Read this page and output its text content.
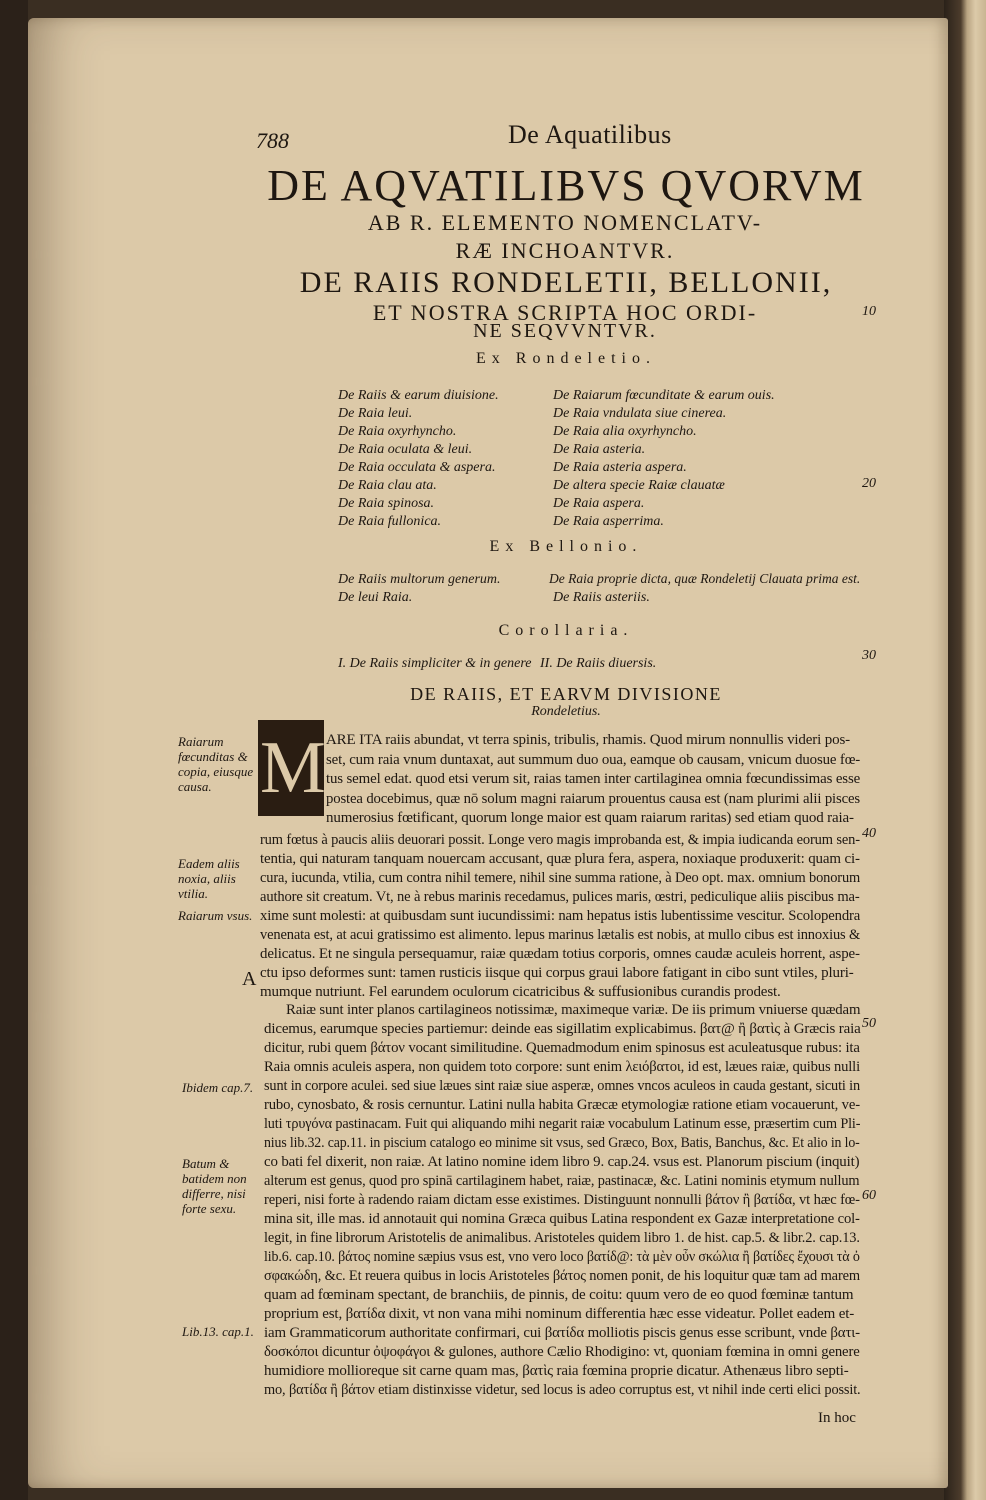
788	De Aquatilibus
DE AQVATILIBVS QVORVM
AB R. ELEMENTO NOMENCLATV-
RÆ INCHOANTVR.
DE RAIIS RONDELETII, BELLONII,
ET NOSTRA SCRIPTA HOC ORDI-
NE SEQVVNTVR.
Ex Rondeletio.
De Raiis & earum diuisione.
De Raia leui.
De Raia oxyrhyncho.
De Raia oculata & leui.
De Raia occulata & aspera.
De Raia clau ata.
De Raia spinosa.
De Raia fullonica.
De Raiarum fœcunditate & earum ouis.
De Raia vndulata siue cinerea.
De Raia alia oxyrhyncho.
De Raia asteria.
De Raia asteria aspera.
De altera specie Raiæ clauatæ
De Raia aspera.
De Raia asperrima.
Ex Bellonio.
De Raiis multorum generum.
De leui Raia.
De Raia proprie dicta, quæ Rondeletij Clauata prima est.
De Raiis asteriis.
Corollaria.
I. De Raiis simpliciter & in genere II. De Raiis diuersis.
DE RAIIS, ET EARVM DIVISIONE
Rondeletius.
10
20
30
40
50
60
Raiarum fœcunditas & copia, eiusque causa.
Eadem aliis noxia, aliis vtilia.
Raiarum vsus.
A
Ibidem cap.7.
Batum & batidem non differre, nisi forte sexu.
Lib.13. cap.1.
M ARE ITA raiis abundat, vt terra spinis, tribulis, rhamis. Quod mirum nonnullis videri pos-
set, cum raia vnum duntaxat, aut summum duo oua, eamque ob causam, vnicum duosue fœ-
tus semel edat. quod etsi verum sit, raias tamen inter cartilaginea omnia fœcundissimas esse
postea docebimus, quæ nō solum magni raiarum prouentus causa est (nam plurimi alii pisces
numerosius fœtificant, quorum longe maior est quam raiarum raritas) sed etiam quod raia-
rum fœtus à paucis aliis deuorari possit. Longe vero magis improbanda est, & impia iudicanda eorum sen-
tentia, qui naturam tanquam nouercam accusant, quæ plura fera, aspera, noxiaque produxerit: quam ci-
cura, iucunda, vtilia, cum contra nihil temere, nihil sine summa ratione, à Deo opt. max. omnium bonorum
authore sit creatum. Vt, ne à rebus marinis recedamus, pulices maris, œstri, pediculique aliis piscibus ma-
xime sunt molesti: at quibusdam sunt iucundissimi: nam hepatus istis lubentissime vescitur. Scolopendra
venenata est, at acui gratissimo est alimento. lepus marinus lætalis est nobis, at mullo cibus est innoxius &
delicatus. Et ne singula persequamur, raiæ quædam totius corporis, omnes caudæ aculeis horrent, aspe-
ctu ipso deformes sunt: tamen rusticis iisque qui corpus graui labore fatigant in cibo sunt vtiles, pluri-
mumque nutriunt. Fel earundem oculorum cicatricibus & suffusionibus curandis prodest.
Raiæ sunt inter planos cartilagineos notissimæ, maximeque variæ. De iis primum vniuerse quædam
dicemus, earumque species partiemur: deinde eas sigillatim explicabimus. βατ@ ἢ βατὶς à Græcis raia
dicitur, rubi quem βάτον vocant similitudine. Quemadmodum enim spinosus est aculeatusque rubus: ita
Raia omnis aculeis aspera, non quidem toto corpore: sunt enim λειόβατοι, id est, læues raiæ, quibus nulli
sunt in corpore aculei. sed siue læues sint raiæ siue asperæ, omnes vncos aculeos in cauda gestant, sicuti in
rubo, cynosbato, & rosis cernuntur. Latini nulla habita Græcæ etymologiæ ratione etiam vocauerunt, ve-
luti τρυγόνα pastinacam. Fuit qui aliquando mihi negarit raiæ vocabulum Latinum esse, præsertim cum Pli-
nius lib.32. cap.11. in piscium catalogo eo minime sit vsus, sed Græco, Box, Batis, Banchus, &c. Et alio in lo-
co bati fel dixerit, non raiæ. At latino nomine idem libro 9. cap.24. vsus est. Planorum piscium (inquit)
alterum est genus, quod pro spinā cartilaginem habet, raiæ, pastinacæ, &c. Latini nominis etymum nullum
reperi, nisi forte à radendo raiam dictam esse existimes. Distinguunt nonnulli βάτον ἢ βατίδα, vt hæc fœ-
mina sit, ille mas. id annotauit qui nomina Græca quibus Latina respondent ex Gazæ interpretatione col-
legit, in fine librorum Aristotelis de animalibus. Aristoteles quidem libro 1. de hist. cap.5. & libr.2. cap.13.
lib.6. cap.10. βάτος nomine sæpius vsus est, vno vero loco βατίδ@: τὰ μὲν οὖν σκώλια ἢ βατίδες ἔχουσι τὰ ὀ
σφακώδη, &c. Et reuera quibus in locis Aristoteles βάτος nomen ponit, de his loquitur quæ tam ad marem
quam ad fœminam spectant, de branchiis, de pinnis, de coitu: quum vero de eo quod fœminæ tantum
proprium est, βατίδα dixit, vt non vana mihi nominum differentia hæc esse videatur. Pollet eadem et-
iam Grammaticorum authoritate confirmari, cui βατίδα molliotis piscis genus esse scribunt, vnde βατι-
δοσκόποι dicuntur ὀψοφάγοι & gulones, authore Cælio Rhodigino: vt, quoniam fœmina in omni genere
humidiore mollioreque sit carne quam mas, βατὶς raia fœmina proprie dicatur. Athenæus libro septi-
mo, βατίδα ἢ βάτον etiam distinxisse videtur, sed locus is adeo corruptus est, vt nihil inde certi elici possit.
In hoc
